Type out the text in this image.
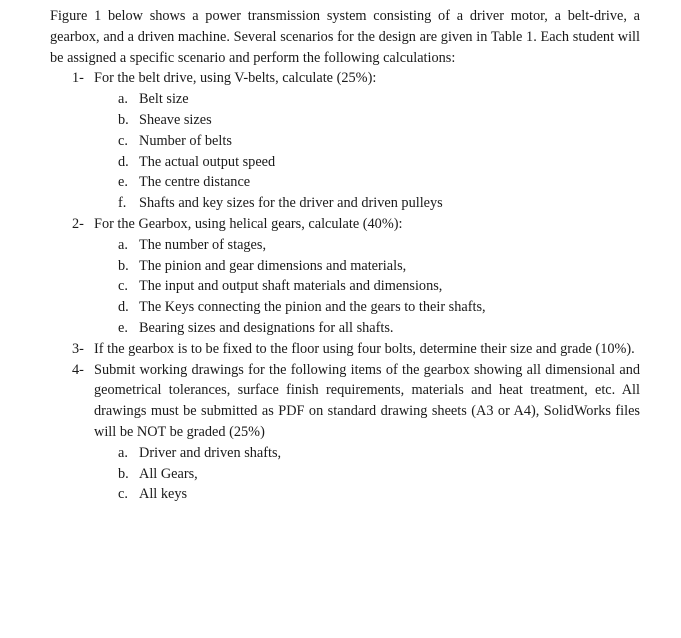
Figure 1 below shows a power transmission system consisting of a driver motor, a belt-drive, a gearbox, and a driven machine. Several scenarios for the design are given in Table 1. Each student will be assigned a specific scenario and perform the following calculations:

1- For the belt drive, using V-belts, calculate (25%):
a. Belt size
b. Sheave sizes
c. Number of belts
d. The actual output speed
e. The centre distance
f. Shafts and key sizes for the driver and driven pulleys
2- For the Gearbox, using helical gears, calculate (40%):
a. The number of stages,
b. The pinion and gear dimensions and materials,
c. The input and output shaft materials and dimensions,
d. The Keys connecting the pinion and the gears to their shafts,
e. Bearing sizes and designations for all shafts.
3- If the gearbox is to be fixed to the floor using four bolts, determine their size and grade (10%).
4- Submit working drawings for the following items of the gearbox showing all dimensional and geometrical tolerances, surface finish requirements, materials and heat treatment, etc. All drawings must be submitted as PDF on standard drawing sheets (A3 or A4), SolidWorks files will be NOT be graded (25%)
a. Driver and driven shafts,
b. All Gears,
c. All keys
